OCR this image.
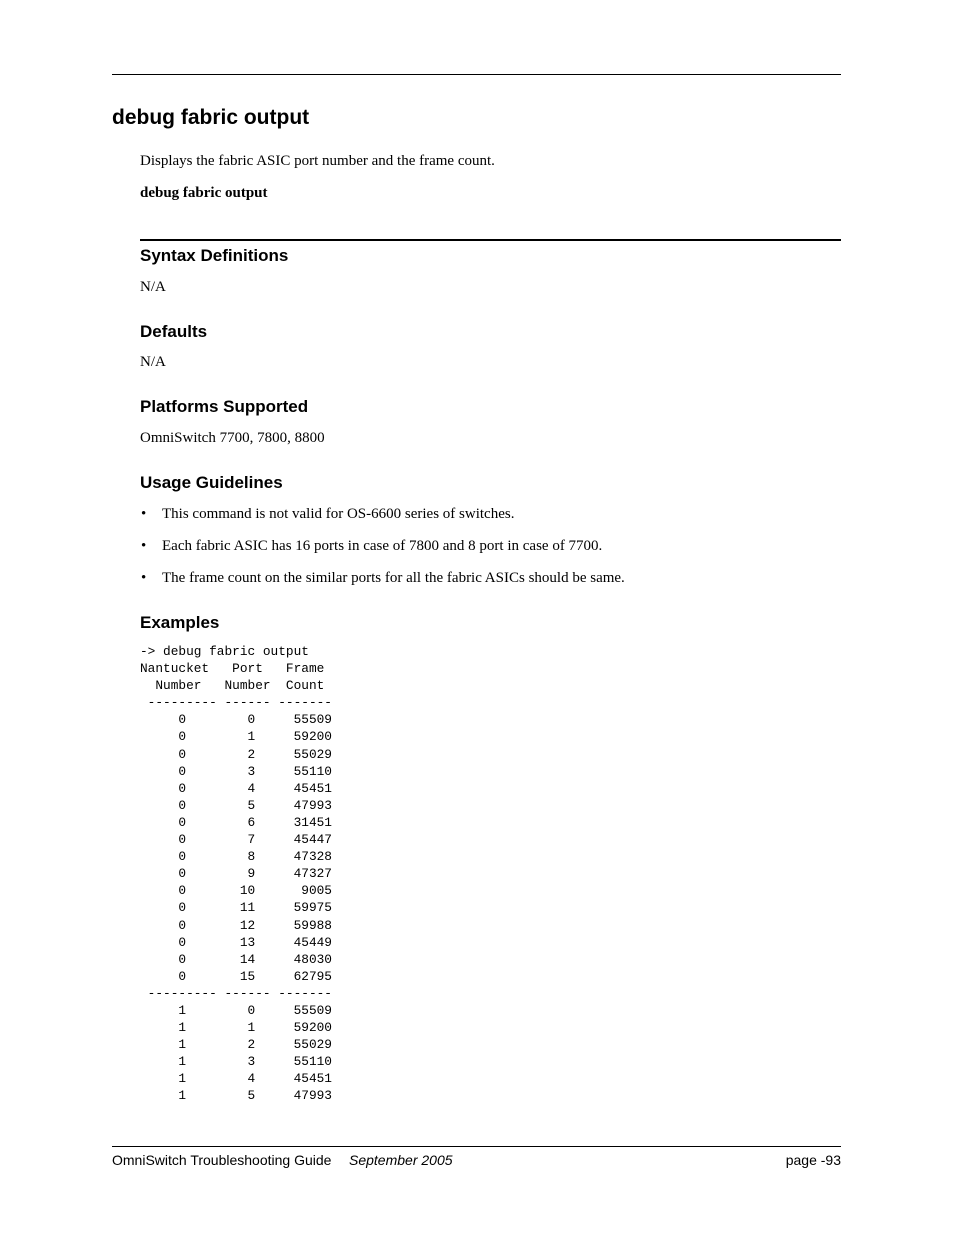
debug fabric output

Displays the fabric ASIC port number and the frame count.

debug fabric output

Syntax Definitions

N/A

Defaults

N/A

Platforms Supported

OmniSwitch 7700, 7800, 8800

Usage Guidelines
• This command is not valid for OS-6600 series of switches.
• Each fabric ASIC has 16 ports in case of 7800 and 8 port in case of 7700.
• The frame count on the similar ports for all the fabric ASICs should be same.
Examples
-> debug fabric output
Nantucket   Port   Frame
Number   Number  Count
--------- ------ -------
0        0     55509
0        1     59200
0        2     55029
0        3     55110
0        4     45451
0        5     47993
0        6     31451
0        7     45447
0        8     47328
0        9     47327
0       10      9005
0       11     59975
0       12     59988
0       13     45449
0       14     48030
0       15     62795
--------- ------ -------
1        0     55509
1        1     59200
1        2     55029
1        3     55110
1        4     45451
1        5     47993

OmniSwitch Troubleshooting Guide September 2005	page -93
